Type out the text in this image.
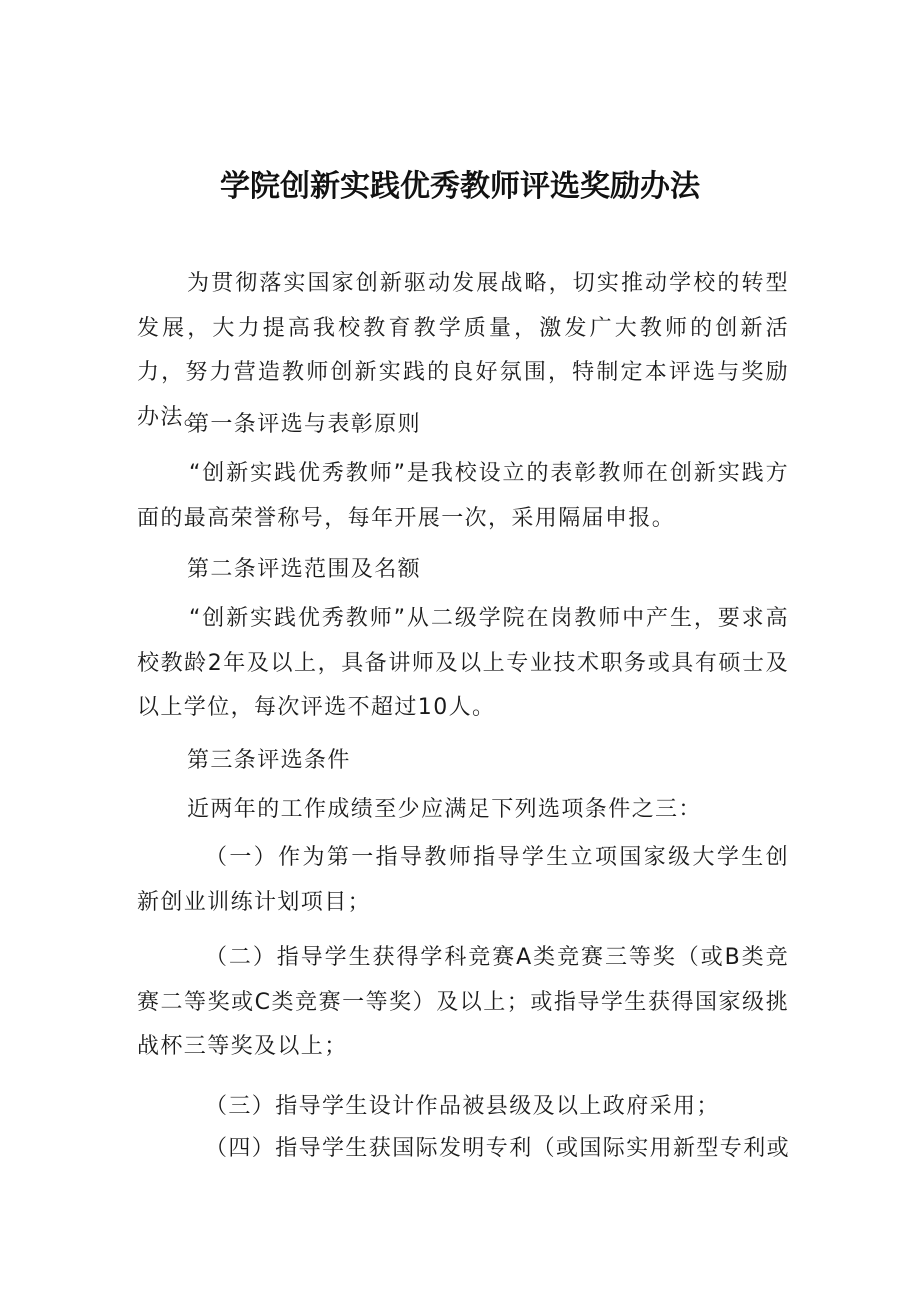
学院创新实践优秀教师评选奖励办法

为贯彻落实国家创新驱动发展战略，切实推动学校的转型发展，大力提高我校教育教学质量，激发广大教师的创新活力，努力营造教师创新实践的良好氛围，特制定本评选与奖励办法。

第一条评选与表彰原则

“创新实践优秀教师”是我校设立的表彰教师在创新实践方面的最高荣誉称号，每年开展一次，采用隔届申报。

第二条评选范围及名额

“创新实践优秀教师”从二级学院在岗教师中产生，要求高校教龄2年及以上，具备讲师及以上专业技术职务或具有硕士及以上学位，每次评选不超过10人。

第三条评选条件

近两年的工作成绩至少应满足下列选项条件之三：

（一）作为第一指导教师指导学生立项国家级大学生创新创业训练计划项目；

（二）指导学生获得学科竞赛A类竞赛三等奖（或B类竞赛二等奖或C类竞赛一等奖）及以上；或指导学生获得国家级挑战杯三等奖及以上；

（三）指导学生设计作品被县级及以上政府采用；

（四）指导学生获国际发明专利（或国际实用新型专利或
